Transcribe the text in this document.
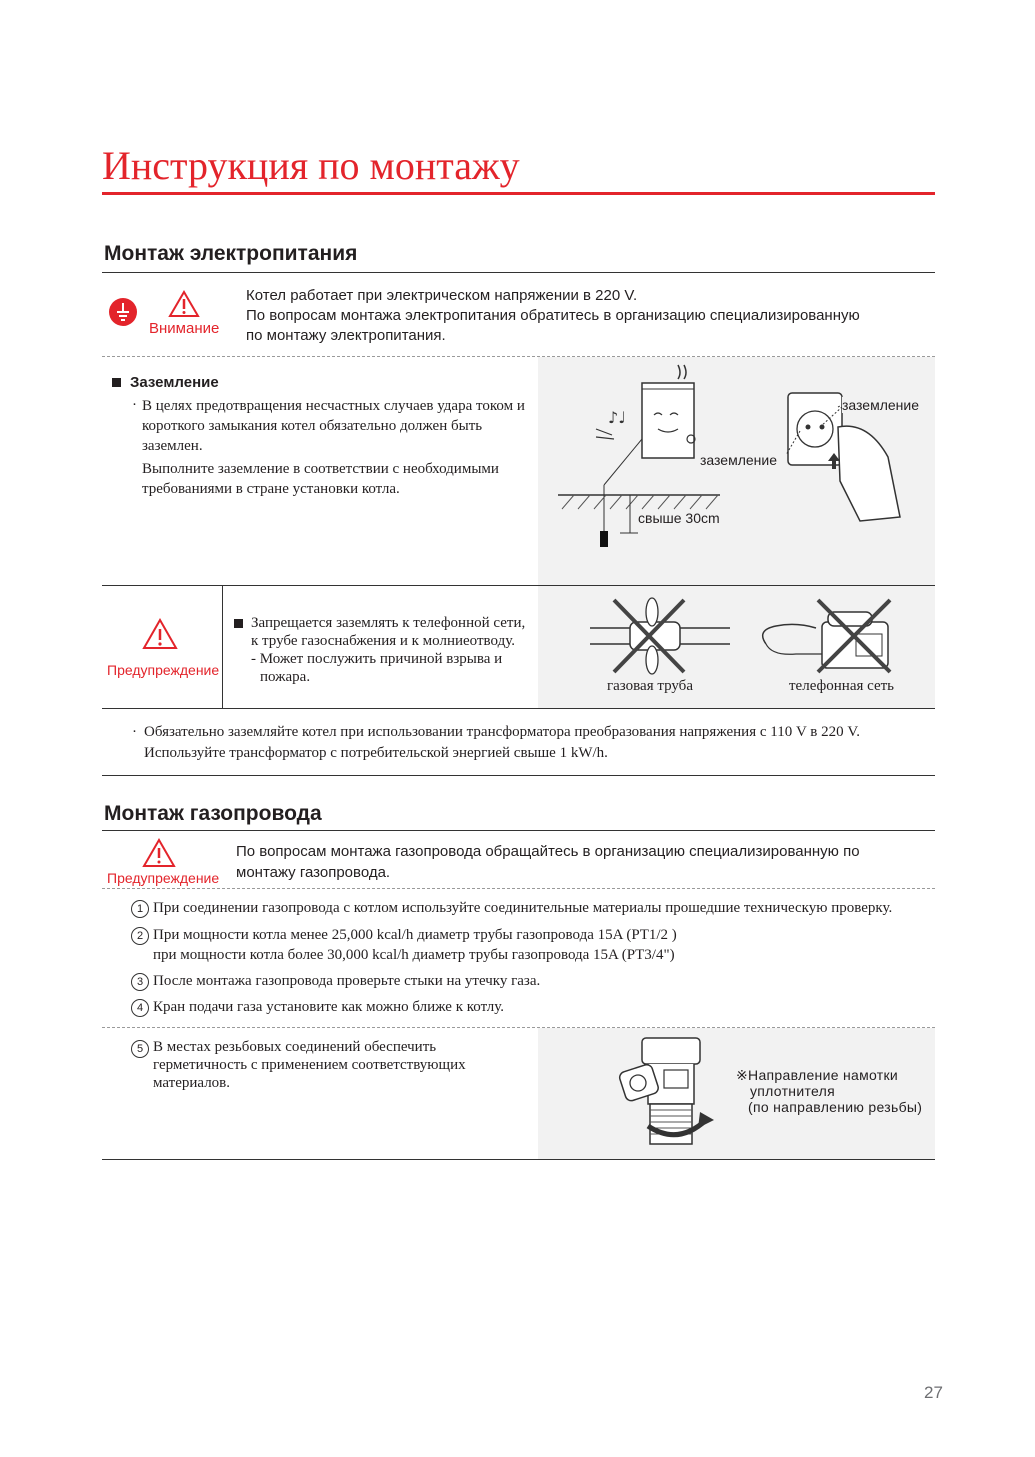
Инструкция по монтажу
Монтаж электропитания
Внимание
Котел работает при электрическом напряжении в 220 V.
По вопросам монтажа электропитания обратитесь в организацию специализированную
по монтажу электропитания.
♪♩
заземление
заземление
свыше 30cm
Заземление
· В целях предотвращения несчастных случаев удара током и
короткого замыкания котел обязательно должен быть
заземлен.
Выполните заземление в соответствии с необходимыми
требованиями в стране установки котла.
Предупреждение
Запрещается заземлять к телефонной сети,
к трубе газоснабжения и к молниеотводу.
- Может послужить причиной взрыва и
пожара.
газовая труба	телефонная сеть
· Обязательно заземляйте котел при использовании трансформатора преобразования напряжения с 110 V в 220 V.
Используйте трансформатор с потребительской энергией свыше 1 kW/h.
Монтаж газопровода
Предупреждение
По вопросам монтажа газопровода обращайтесь в организацию специализированную по
монтажу газопровода.
1 При соединении газопровода с котлом используйте соединительные материалы прошедшие техническую проверку.
2 При мощности котла менее 25,000 kcal/h диаметр трубы газопровода 15A (PT1/2 )
при мощности котла более 30,000 kcal/h диаметр трубы газопровода 15A (PT3/4")
3 После монтажа газопровода проверьте стыки на утечку газа.
4 Кран подачи газа установите как можно ближе к котлу.
5 В местах резьбовых соединений обеспечить
герметичность с применением соответствующих
материалов.	※Направление намотки
уплотнителя
(по направлению резьбы)
27
